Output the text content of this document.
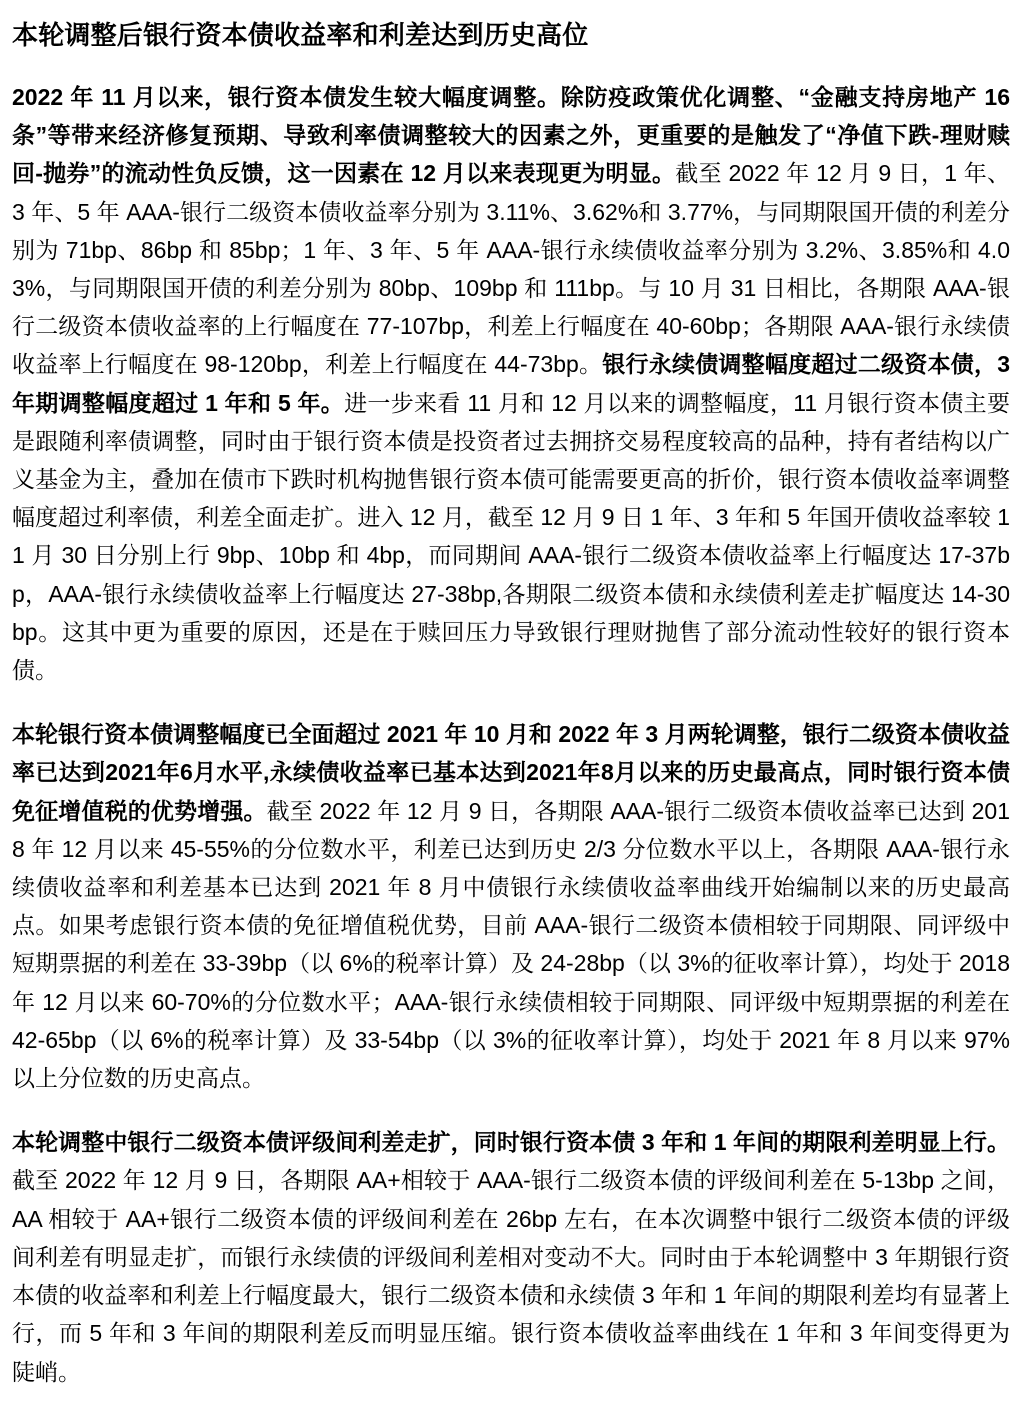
本轮调整后银行资本债收益率和利差达到历史高位

2022 年 11 月以来，银行资本债发生较大幅度调整。除防疫政策优化调整、“金融支持房地产 16 条”等带来经济修复预期、导致利率债调整较大的因素之外，更重要的是触发了“净值下跌-理财赎回-抛券”的流动性负反馈，这一因素在 12 月以来表现更为明显。截至 2022 年 12 月 9 日，1 年、3 年、5 年 AAA-银行二级资本债收益率分别为 3.11%、3.62%和 3.77%，与同期限国开债的利差分别为 71bp、86bp 和 85bp；1 年、3 年、5 年 AAA-银行永续债收益率分别为 3.2%、3.85%和 4.03%，与同期限国开债的利差分别为 80bp、109bp 和 111bp。与 10 月 31 日相比，各期限 AAA-银行二级资本债收益率的上行幅度在 77-107bp，利差上行幅度在 40-60bp；各期限 AAA-银行永续债收益率上行幅度在 98-120bp，利差上行幅度在 44-73bp。银行永续债调整幅度超过二级资本债，3 年期调整幅度超过 1 年和 5 年。进一步来看 11 月和 12 月以来的调整幅度，11 月银行资本债主要是跟随利率债调整，同时由于银行资本债是投资者过去拥挤交易程度较高的品种，持有者结构以广义基金为主，叠加在债市下跌时机构抛售银行资本债可能需要更高的折价，银行资本债收益率调整幅度超过利率债，利差全面走扩。进入 12 月，截至 12 月 9 日 1 年、3 年和 5 年国开债收益率较 11 月 30 日分别上行 9bp、10bp 和 4bp，而同期间 AAA-银行二级资本债收益率上行幅度达 17-37bp，AAA-银行永续债收益率上行幅度达 27-38bp,各期限二级资本债和永续债利差走扩幅度达 14-30bp。这其中更为重要的原因，还是在于赎回压力导致银行理财抛售了部分流动性较好的银行资本债。

本轮银行资本债调整幅度已全面超过 2021 年 10 月和 2022 年 3 月两轮调整，银行二级资本债收益率已达到2021年6月水平,永续债收益率已基本达到2021年8月以来的历史最高点，同时银行资本债免征增值税的优势增强。截至 2022 年 12 月 9 日，各期限 AAA-银行二级资本债收益率已达到 2018 年 12 月以来 45-55%的分位数水平，利差已达到历史 2/3 分位数水平以上，各期限 AAA-银行永续债收益率和利差基本已达到 2021 年 8 月中债银行永续债收益率曲线开始编制以来的历史最高点。如果考虑银行资本债的免征增值税优势，目前 AAA-银行二级资本债相较于同期限、同评级中短期票据的利差在 33-39bp（以 6%的税率计算）及 24-28bp（以 3%的征收率计算），均处于 2018 年 12 月以来 60-70%的分位数水平；AAA-银行永续债相较于同期限、同评级中短期票据的利差在 42-65bp（以 6%的税率计算）及 33-54bp（以 3%的征收率计算），均处于 2021 年 8 月以来 97%以上分位数的历史高点。

本轮调整中银行二级资本债评级间利差走扩，同时银行资本债 3 年和 1 年间的期限利差明显上行。截至 2022 年 12 月 9 日，各期限 AA+相较于 AAA-银行二级资本债的评级间利差在 5-13bp 之间，AA 相较于 AA+银行二级资本债的评级间利差在 26bp 左右，在本次调整中银行二级资本债的评级间利差有明显走扩，而银行永续债的评级间利差相对变动不大。同时由于本轮调整中 3 年期银行资本债的收益率和利差上行幅度最大，银行二级资本债和永续债 3 年和 1 年间的期限利差均有显著上行，而 5 年和 3 年间的期限利差反而明显压缩。银行资本债收益率曲线在 1 年和 3 年间变得更为陡峭。
